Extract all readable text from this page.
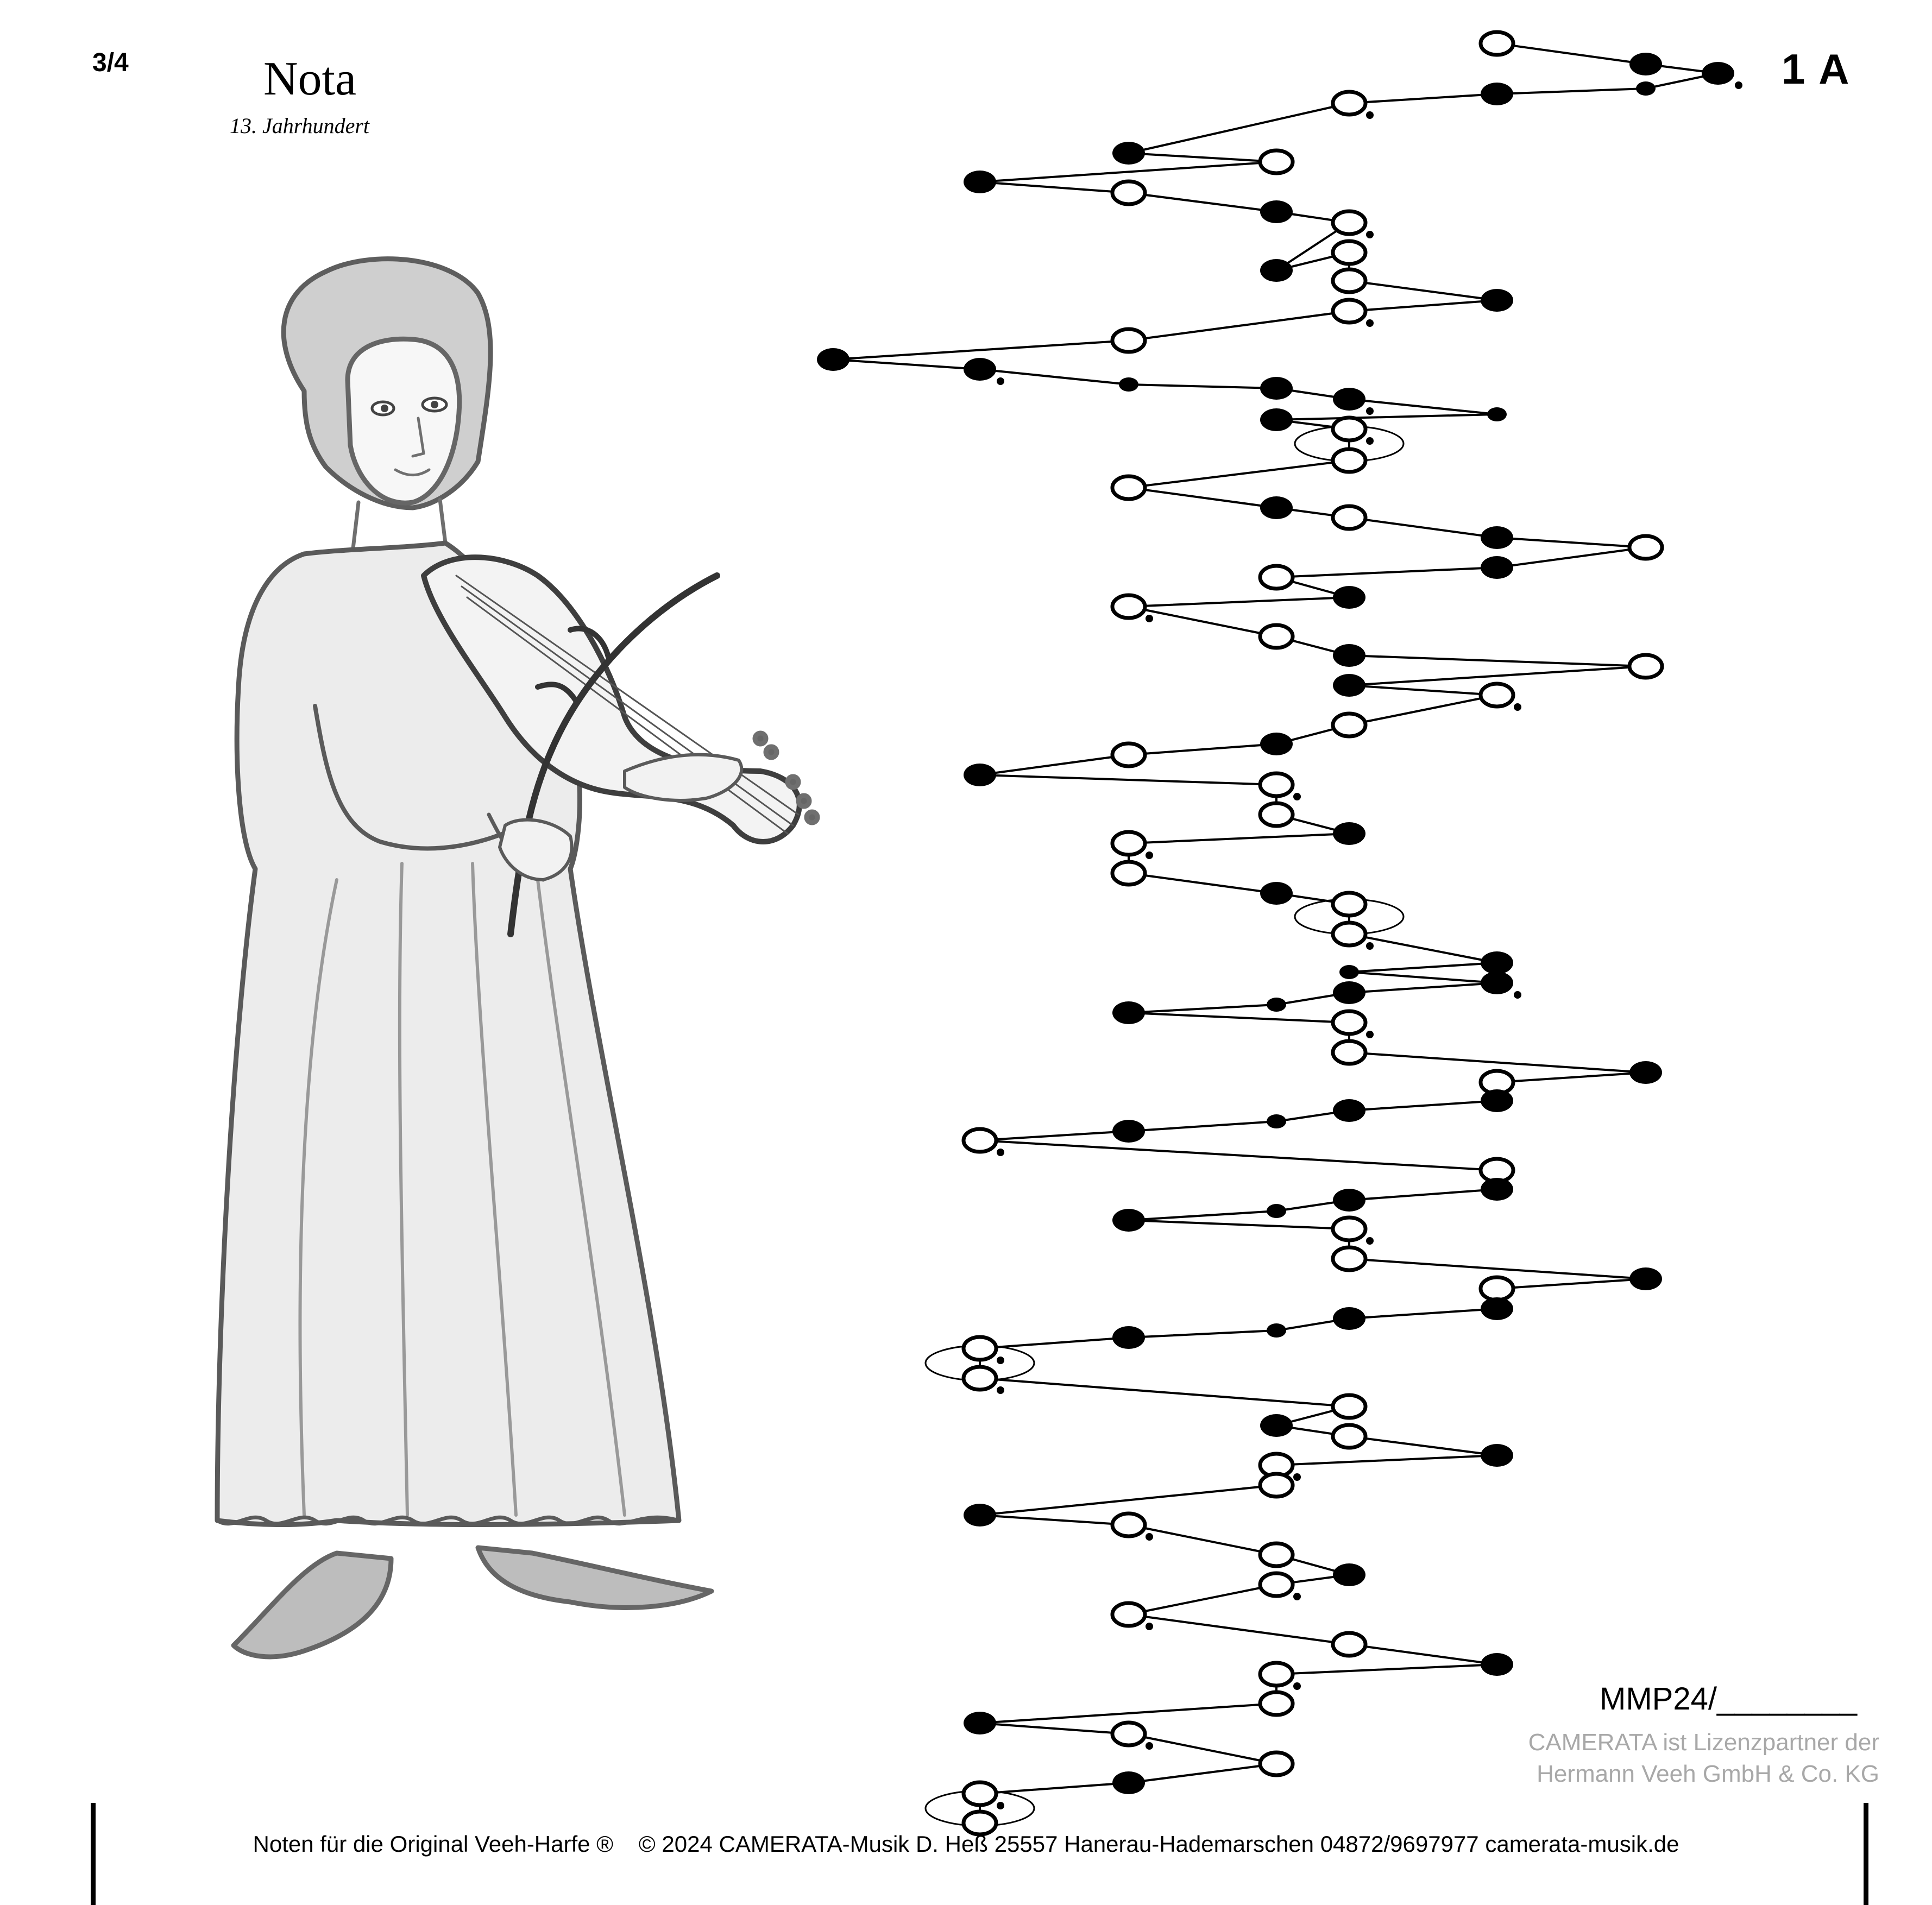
3/4	Nota
13. Jahrhundert
1 A
MMP24/________
CAMERATA ist Lizenzpartner der
Hermann Veeh GmbH & Co. KG
Noten für die Original Veeh-Harfe ®    © 2024 CAMERATA-Musik D. Heß 25557 Hanerau-Hademarschen 04872/9697977 camerata-musik.de
